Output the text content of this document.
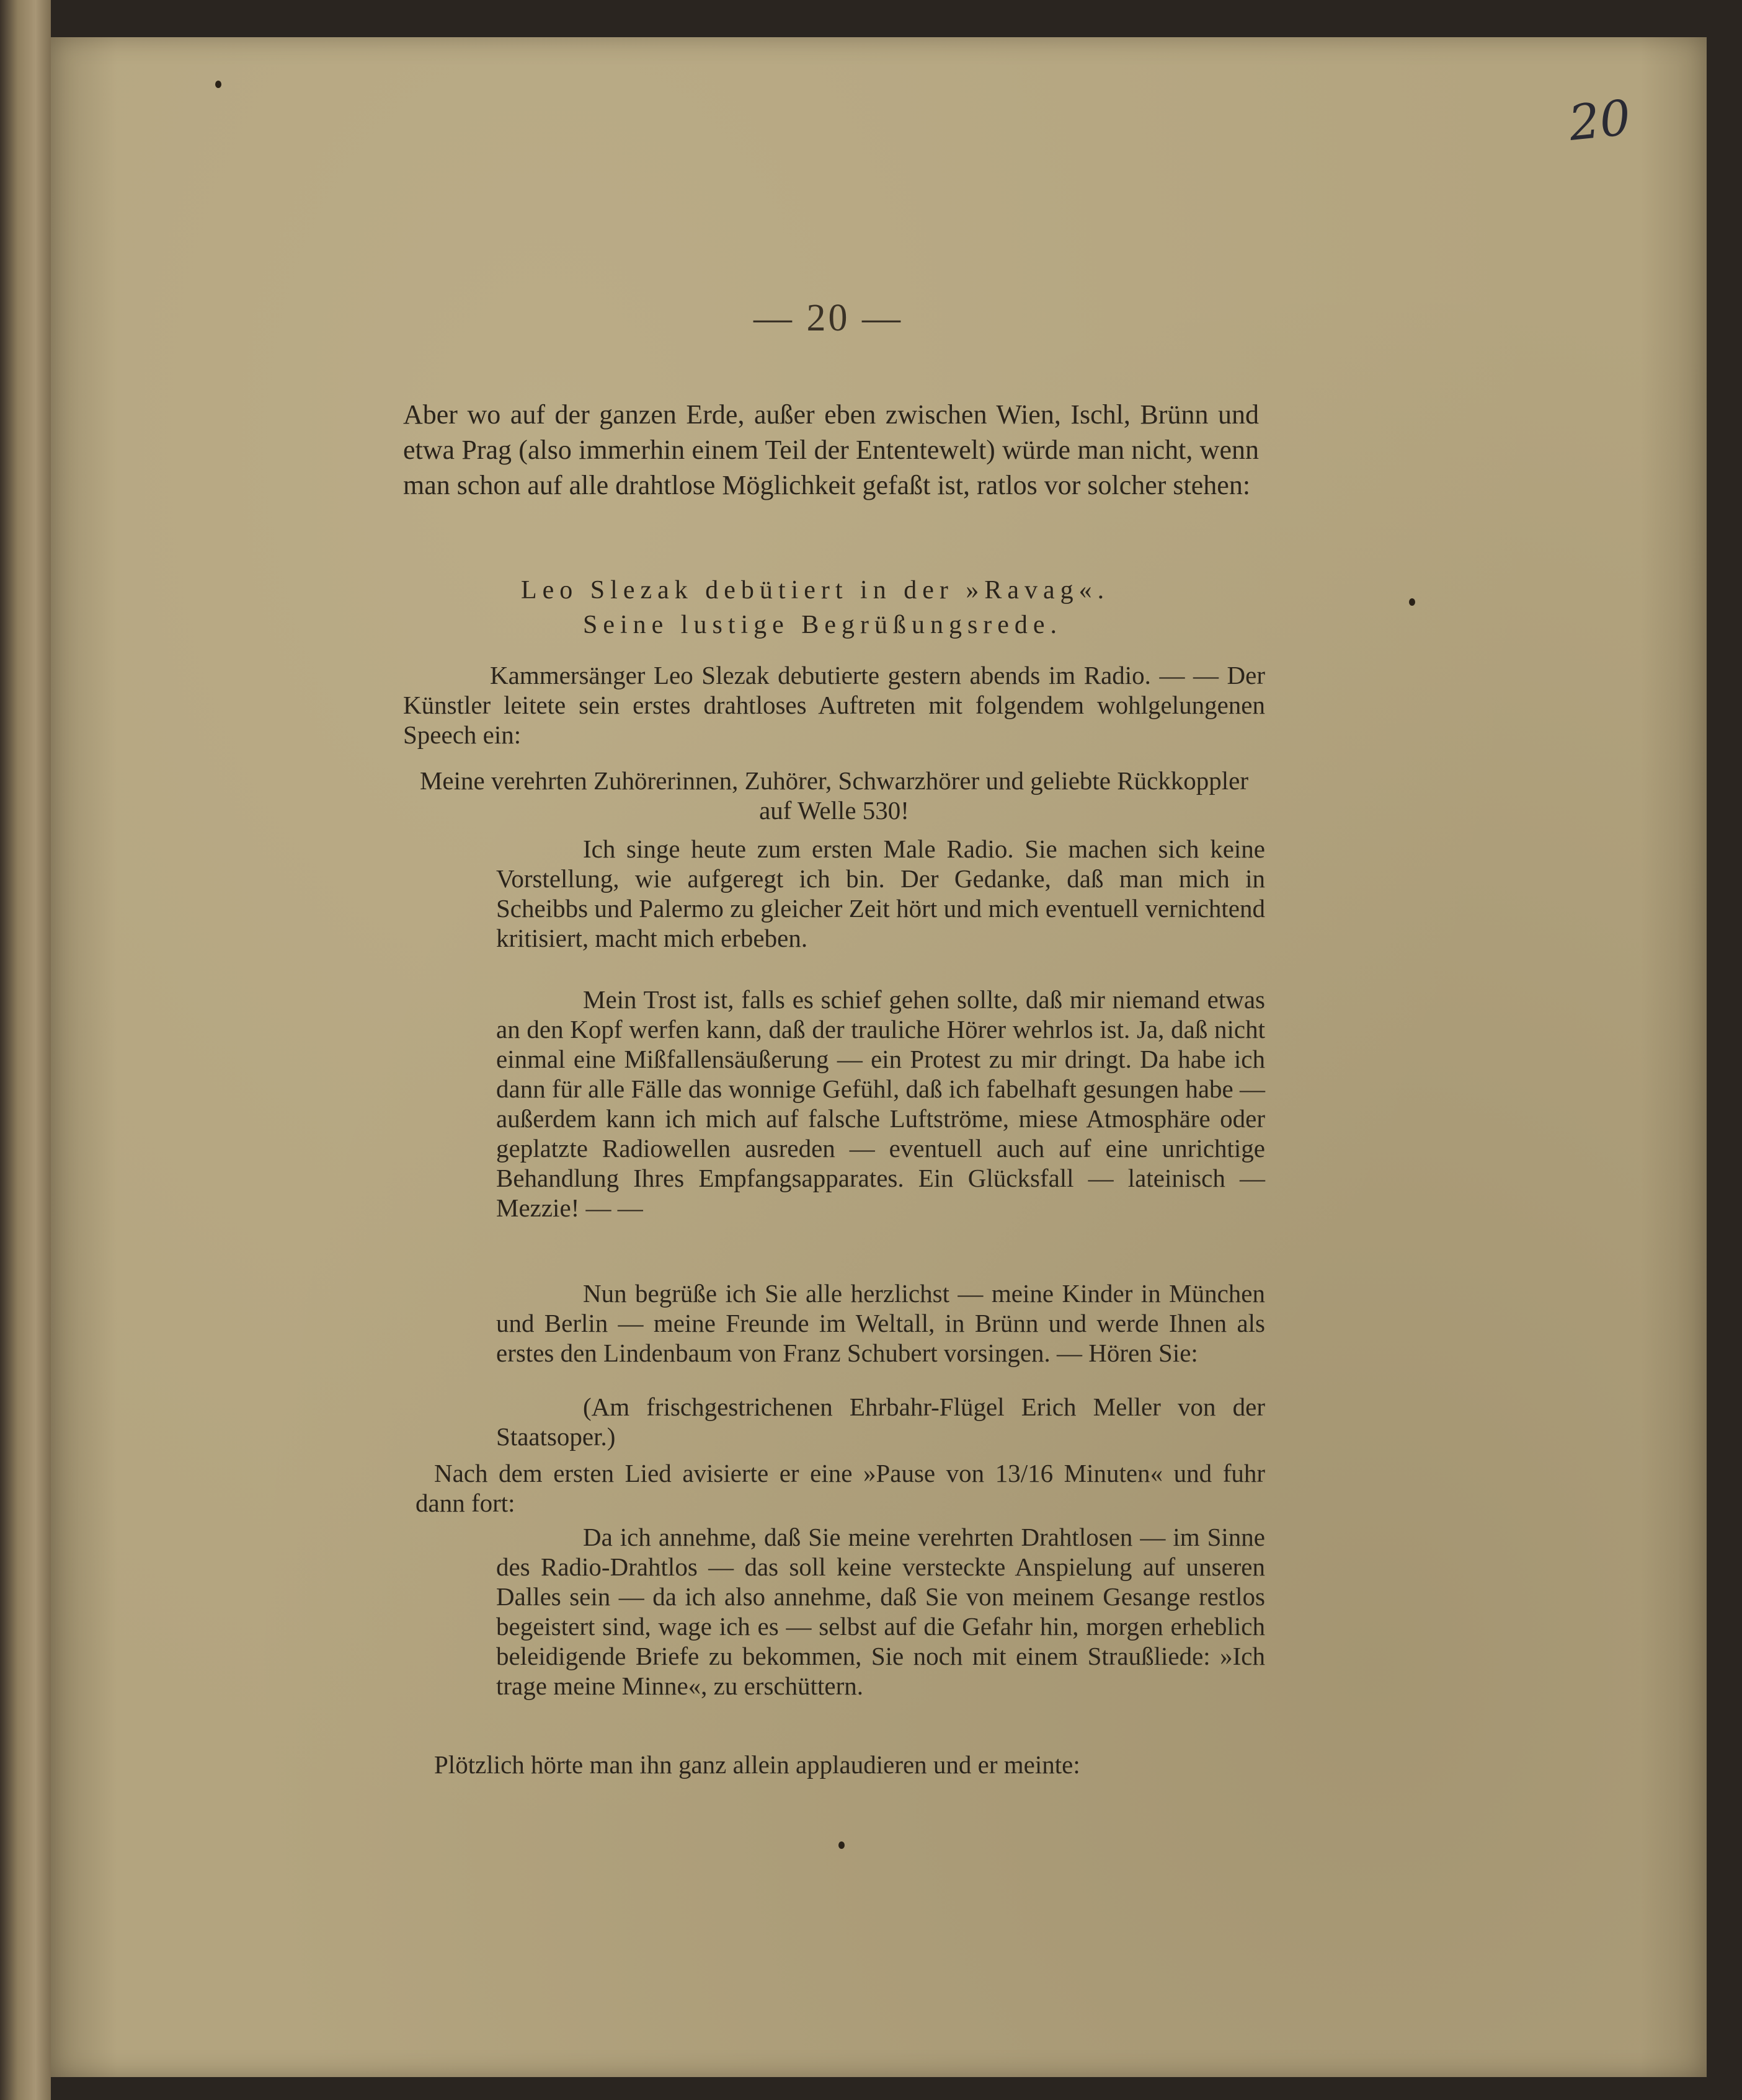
20
— 20 —
Aber wo auf der ganzen Erde, außer eben zwischen Wien, Ischl, Brünn und etwa Prag (also immerhin einem Teil der Ententewelt) würde man nicht, wenn man schon auf alle drahtlose Möglichkeit gefaßt ist, ratlos vor solcher stehen:
Leo Slezak debütiert in der »Ravag«.
Seine lustige Begrüßungsrede.
Kammersänger Leo Slezak debutierte gestern abends im Radio. — — Der Künstler leitete sein erstes drahtloses Auftreten mit folgendem wohlgelungenen Speech ein:
Meine verehrten Zuhörerinnen, Zuhörer, Schwarzhörer und geliebte Rückkoppler auf Welle 530!
Ich singe heute zum ersten Male Radio. Sie machen sich keine Vorstellung, wie aufgeregt ich bin. Der Gedanke, daß man mich in Scheibbs und Palermo zu gleicher Zeit hört und mich eventuell vernichtend kritisiert, macht mich erbeben.
Mein Trost ist, falls es schief gehen sollte, daß mir niemand etwas an den Kopf werfen kann, daß der trauliche Hörer wehrlos ist. Ja, daß nicht einmal eine Mißfallensäußerung — ein Protest zu mir dringt. Da habe ich dann für alle Fälle das wonnige Gefühl, daß ich fabelhaft gesungen habe — außerdem kann ich mich auf falsche Luftströme, miese Atmosphäre oder geplatzte Radiowellen ausreden — eventuell auch auf eine unrichtige Behandlung Ihres Empfangsapparates. Ein Glücksfall — lateinisch — Mezzie! — —
Nun begrüße ich Sie alle herzlichst — meine Kinder in München und Berlin — meine Freunde im Weltall, in Brünn und werde Ihnen als erstes den Lindenbaum von Franz Schubert vorsingen. — Hören Sie:
(Am frischgestrichenen Ehrbahr-Flügel Erich Meller von der Staatsoper.)
Nach dem ersten Lied avisierte er eine »Pause von 13/16 Minuten« und fuhr dann fort:
Da ich annehme, daß Sie meine verehrten Drahtlosen — im Sinne des Radio-Drahtlos — das soll keine versteckte Anspielung auf unseren Dalles sein — da ich also annehme, daß Sie von meinem Gesange restlos begeistert sind, wage ich es — selbst auf die Gefahr hin, morgen erheblich beleidigende Briefe zu bekommen, Sie noch mit einem Straußliede: »Ich trage meine Minne«, zu erschüttern.
Plötzlich hörte man ihn ganz allein applaudieren und er meinte:
